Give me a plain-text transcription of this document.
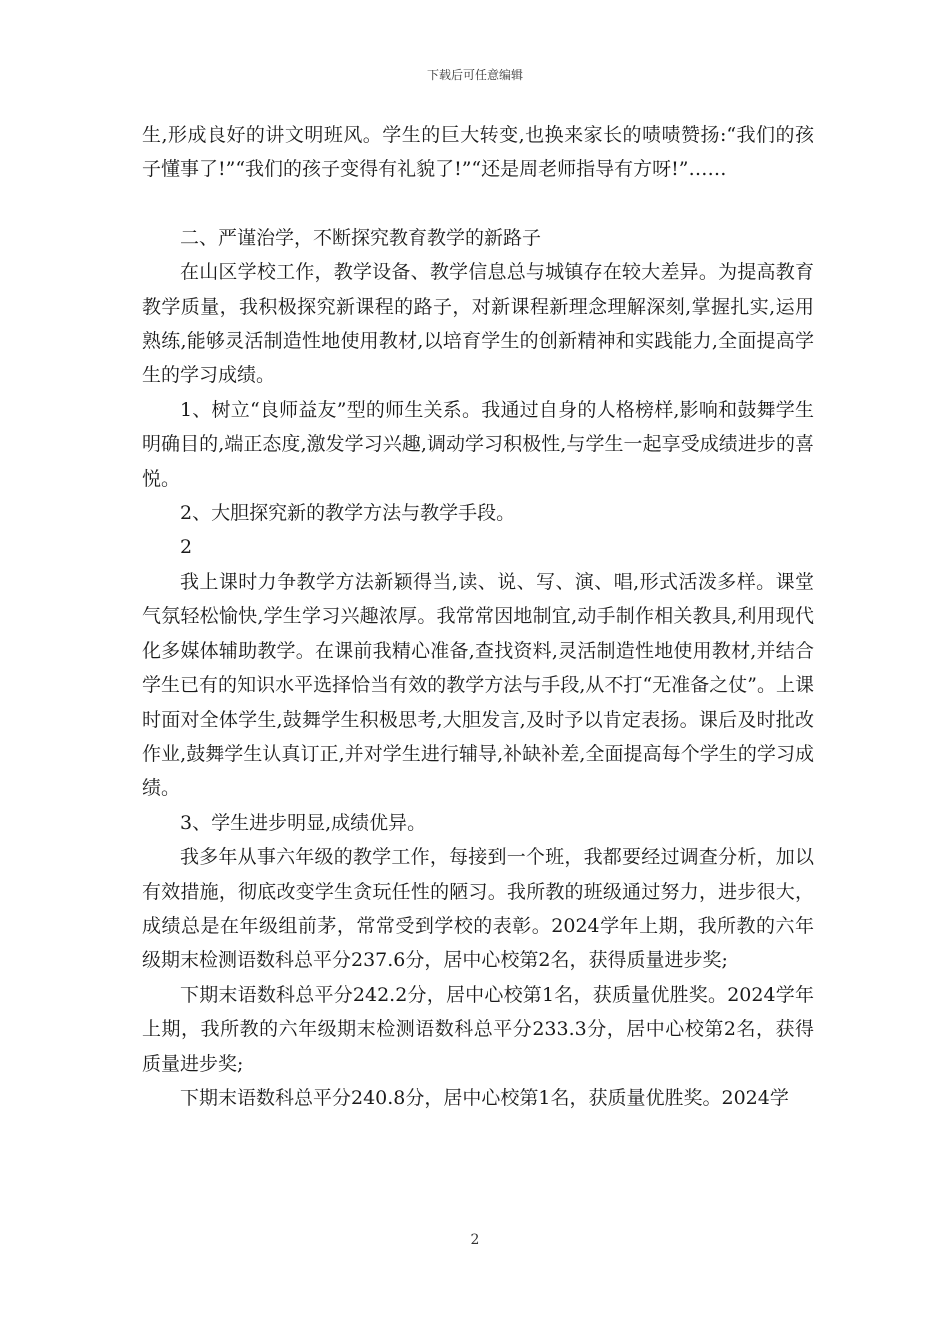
下载后可任意编辑

生,形成良好的讲文明班风。学生的巨大转变,也换来家长的啧啧赞扬:“我们的孩子懂事了!”“我们的孩子变得有礼貌了!”“还是周老师指导有方呀!”……

二、严谨治学，不断探究教育教学的新路子

在山区学校工作，教学设备、教学信息总与城镇存在较大差异。为提高教育教学质量，我积极探究新课程的路子，对新课程新理念理解深刻,掌握扎实,运用熟练,能够灵活制造性地使用教材,以培育学生的创新精神和实践能力,全面提高学生的学习成绩。

1、树立“良师益友”型的师生关系。我通过自身的人格榜样,影响和鼓舞学生明确目的,端正态度,激发学习兴趣,调动学习积极性,与学生一起享受成绩进步的喜悦。

2、大胆探究新的教学方法与教学手段。

2

我上课时力争教学方法新颖得当,读、说、写、演、唱,形式活泼多样。课堂气氛轻松愉快,学生学习兴趣浓厚。我常常因地制宜,动手制作相关教具,利用现代化多媒体辅助教学。在课前我精心准备,查找资料,灵活制造性地使用教材,并结合学生已有的知识水平选择恰当有效的教学方法与手段,从不打“无准备之仗”。上课时面对全体学生,鼓舞学生积极思考,大胆发言,及时予以肯定表扬。课后及时批改作业,鼓舞学生认真订正,并对学生进行辅导,补缺补差,全面提高每个学生的学习成绩。

3、学生进步明显,成绩优异。

我多年从事六年级的教学工作，每接到一个班，我都要经过调查分析，加以有效措施，彻底改变学生贪玩任性的陋习。我所教的班级通过努力，进步很大，成绩总是在年级组前茅，常常受到学校的表彰。2024学年上期，我所教的六年级期末检测语数科总平分237.6分，居中心校第2名，获得质量进步奖;

下期末语数科总平分242.2分，居中心校第1名，获质量优胜奖。2024学年上期，我所教的六年级期末检测语数科总平分233.3分，居中心校第2名，获得质量进步奖;

下期末语数科总平分240.8分，居中心校第1名，获质量优胜奖。2024学

2
